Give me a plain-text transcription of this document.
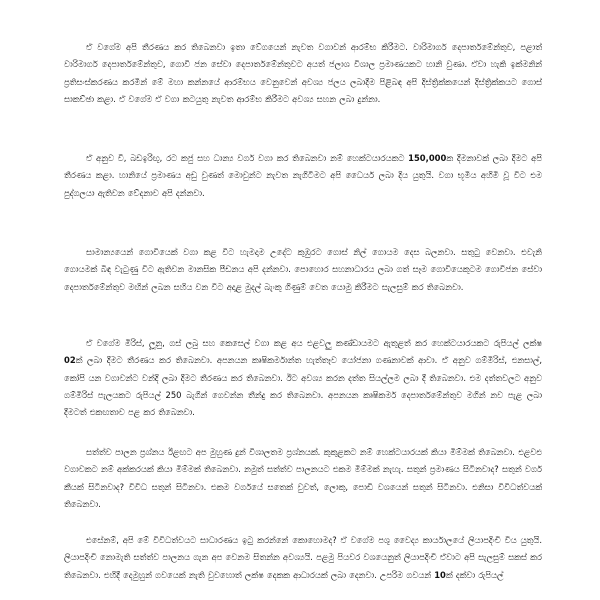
ඒ වගේම අපි තීරණය කර තිබෙනවා ඉතා වේගයෙන් නැවත වගාවන් ආරම්භ කිරීමට. වාරිමාර්ග දෙපාර්තමේන්තුව, පළාත් වාරිමාර්ග දෙපාර්තමේන්තුව, ගොවි ජන සේවා දෙපාර්තමේන්තුවට අයත් ජලාශ විශාල ප්‍රමාණයකට හානි වුණා. ඒවා හැකි ඉක්මනින් ප්‍රතිසංස්කරණය කරමින් මේ මහා කන්නයේ ආරම්භය වෙනුවෙන් අවශ්‍ය ජලය ලබාදීම පිළිබඳ අපි දිස්ත්‍රික්කයෙන් දිස්ත්‍රික්කයට ගොස් සාකච්ඡා කළා. ඒ වගේම ඒ වගා කටයුතු නැවත ආරම්භ කිරීමට අවශ්‍ය සහන ලබා දුන්නා.

ඒ අනුව වී, බඩඉරිඟු, රට කජු සහ ධාන්‍ය වර්ග වගා කර තිබෙනවා නම් හෙක්ටයාරයකට 150,000ක දීමනාවක් ලබා දීමට අපි තීරණය කළා. හානියේ ප්‍රමාණය අඩු වුණත් මොවුන්ට නැවත නැගිටීමට අපි ධෛර්ය ලබා දිය යුතුයි. වගා භූමිය අහිමි වූ විට එම පුද්ගලයා ඇතිවන වේදනාව අපි දන්නවා.

සාමාන්‍යයෙන් ගොවියෙක් වගා කළ විට හැමදාම උදේට කුඹුරට ගොස් නිල් ගොයම දෙස බලනවා. සතුටු වෙනවා. එවැනි ගොයමක් බිඳ වැටුණු විට ඇතිවන මානසික පීඩනය අපි දන්නවා. පොහොර සහනාධාරය ලබා ගත් සෑම ගොවියෙකුටම ගොවිජන සේවා දෙපාර්තමේන්තුව මඟින් ලබන සහිය වන විට අදාළ මුදල් බැංකු ගිණුම් වෙත යොමු කිරීමට සැලසුම් කර තිබෙනවා.

ඒ වගේම මිරිස්, ලූනු, ගස් ලබු සහ කෙසෙල් වගා කළ අය එළවලු කණ්ඩායමට ඇතුළත් කර හෙක්ටයාරයකට රුපියල් ලක්ෂ 02ක් ලබා දීමට තීරණය කර තිබෙනවා. අපනයන කෘෂිකර්මාන්ත හැත්තෑව යෝජනා ගණනාවක් ආවා. ඒ අනුව ගම්මිරිස්, එනසාල්, කෝපි යන වගාවන්ට වන්දි ලබා දීමට තීරණය කර තිබෙනවා. ඊට අවශ්‍ය කරන දත්ත සියල්ලම ලබා දී තිබෙනවා. එම දත්තවලට අනුව ගම්මිරිස් පැලයකට රුපියල් 250 බැගින් ගෙවන්න තීන්දු කර තිබෙනවා. අපනයන කෘෂිකර්ම දෙපාර්තමේන්තුව මගින් නව පැළ ලබා දීමටත් එකඟතාව පළ කර තිබෙනවා.

සත්ත්ව පාලන ප්‍රශ්නය ඊළඟට අප මුහුණ දුන් විශාලතම ප්‍රශ්නයක්. කුකුළකට නම් හෙක්ටයාරයක් කියා මිම්මක් තිබෙනවා. එළවළු වගාවකට නම් අක්කරයක් කියා මිම්මක් තිබෙනවා. නමුත් සත්ත්ව පාලනයට එකම මිම්මක් නැහැ. සතුන් ප්‍රමාණය සිටිනවාද? සතුන් වර්ග කීයක් සිටිනවාද? විවිධ සතුන් සිටිනවා. එකම වර්ගයේ සතෙක් වුවත්, ලොකු, පොඩි වශයෙන් සතුන් සිටිනවා. එනිසා විවිධත්වයක් තිබෙනවා.

එසේනම්, අපි මේ විවිධත්වයට සාධාරණය ඉටු කරන්නේ කොහොමද? ඒ වගේම පශු වෛද්‍ය කාර්යාලයේ ලියාපදිංචි විය යුතුයි. ලියාපදිංචි නොමැති සත්ත්ව පාලනය ගැන අප වෙනම සිතන්න අවශ්‍යයි. පළමු පියවර වශයෙනුත් ලියාපදිංචි ඒවාට අපි සැලසුම් සකස් කර තිබෙනවා. එහිදී දෙමුහුන් ගවයෙක් නැති වුවහොත් ලක්ෂ දෙකක ආධාරයක් ලබා දෙනවා. උපරිම ගවයන් 10ක් දක්වා රුපියල්
